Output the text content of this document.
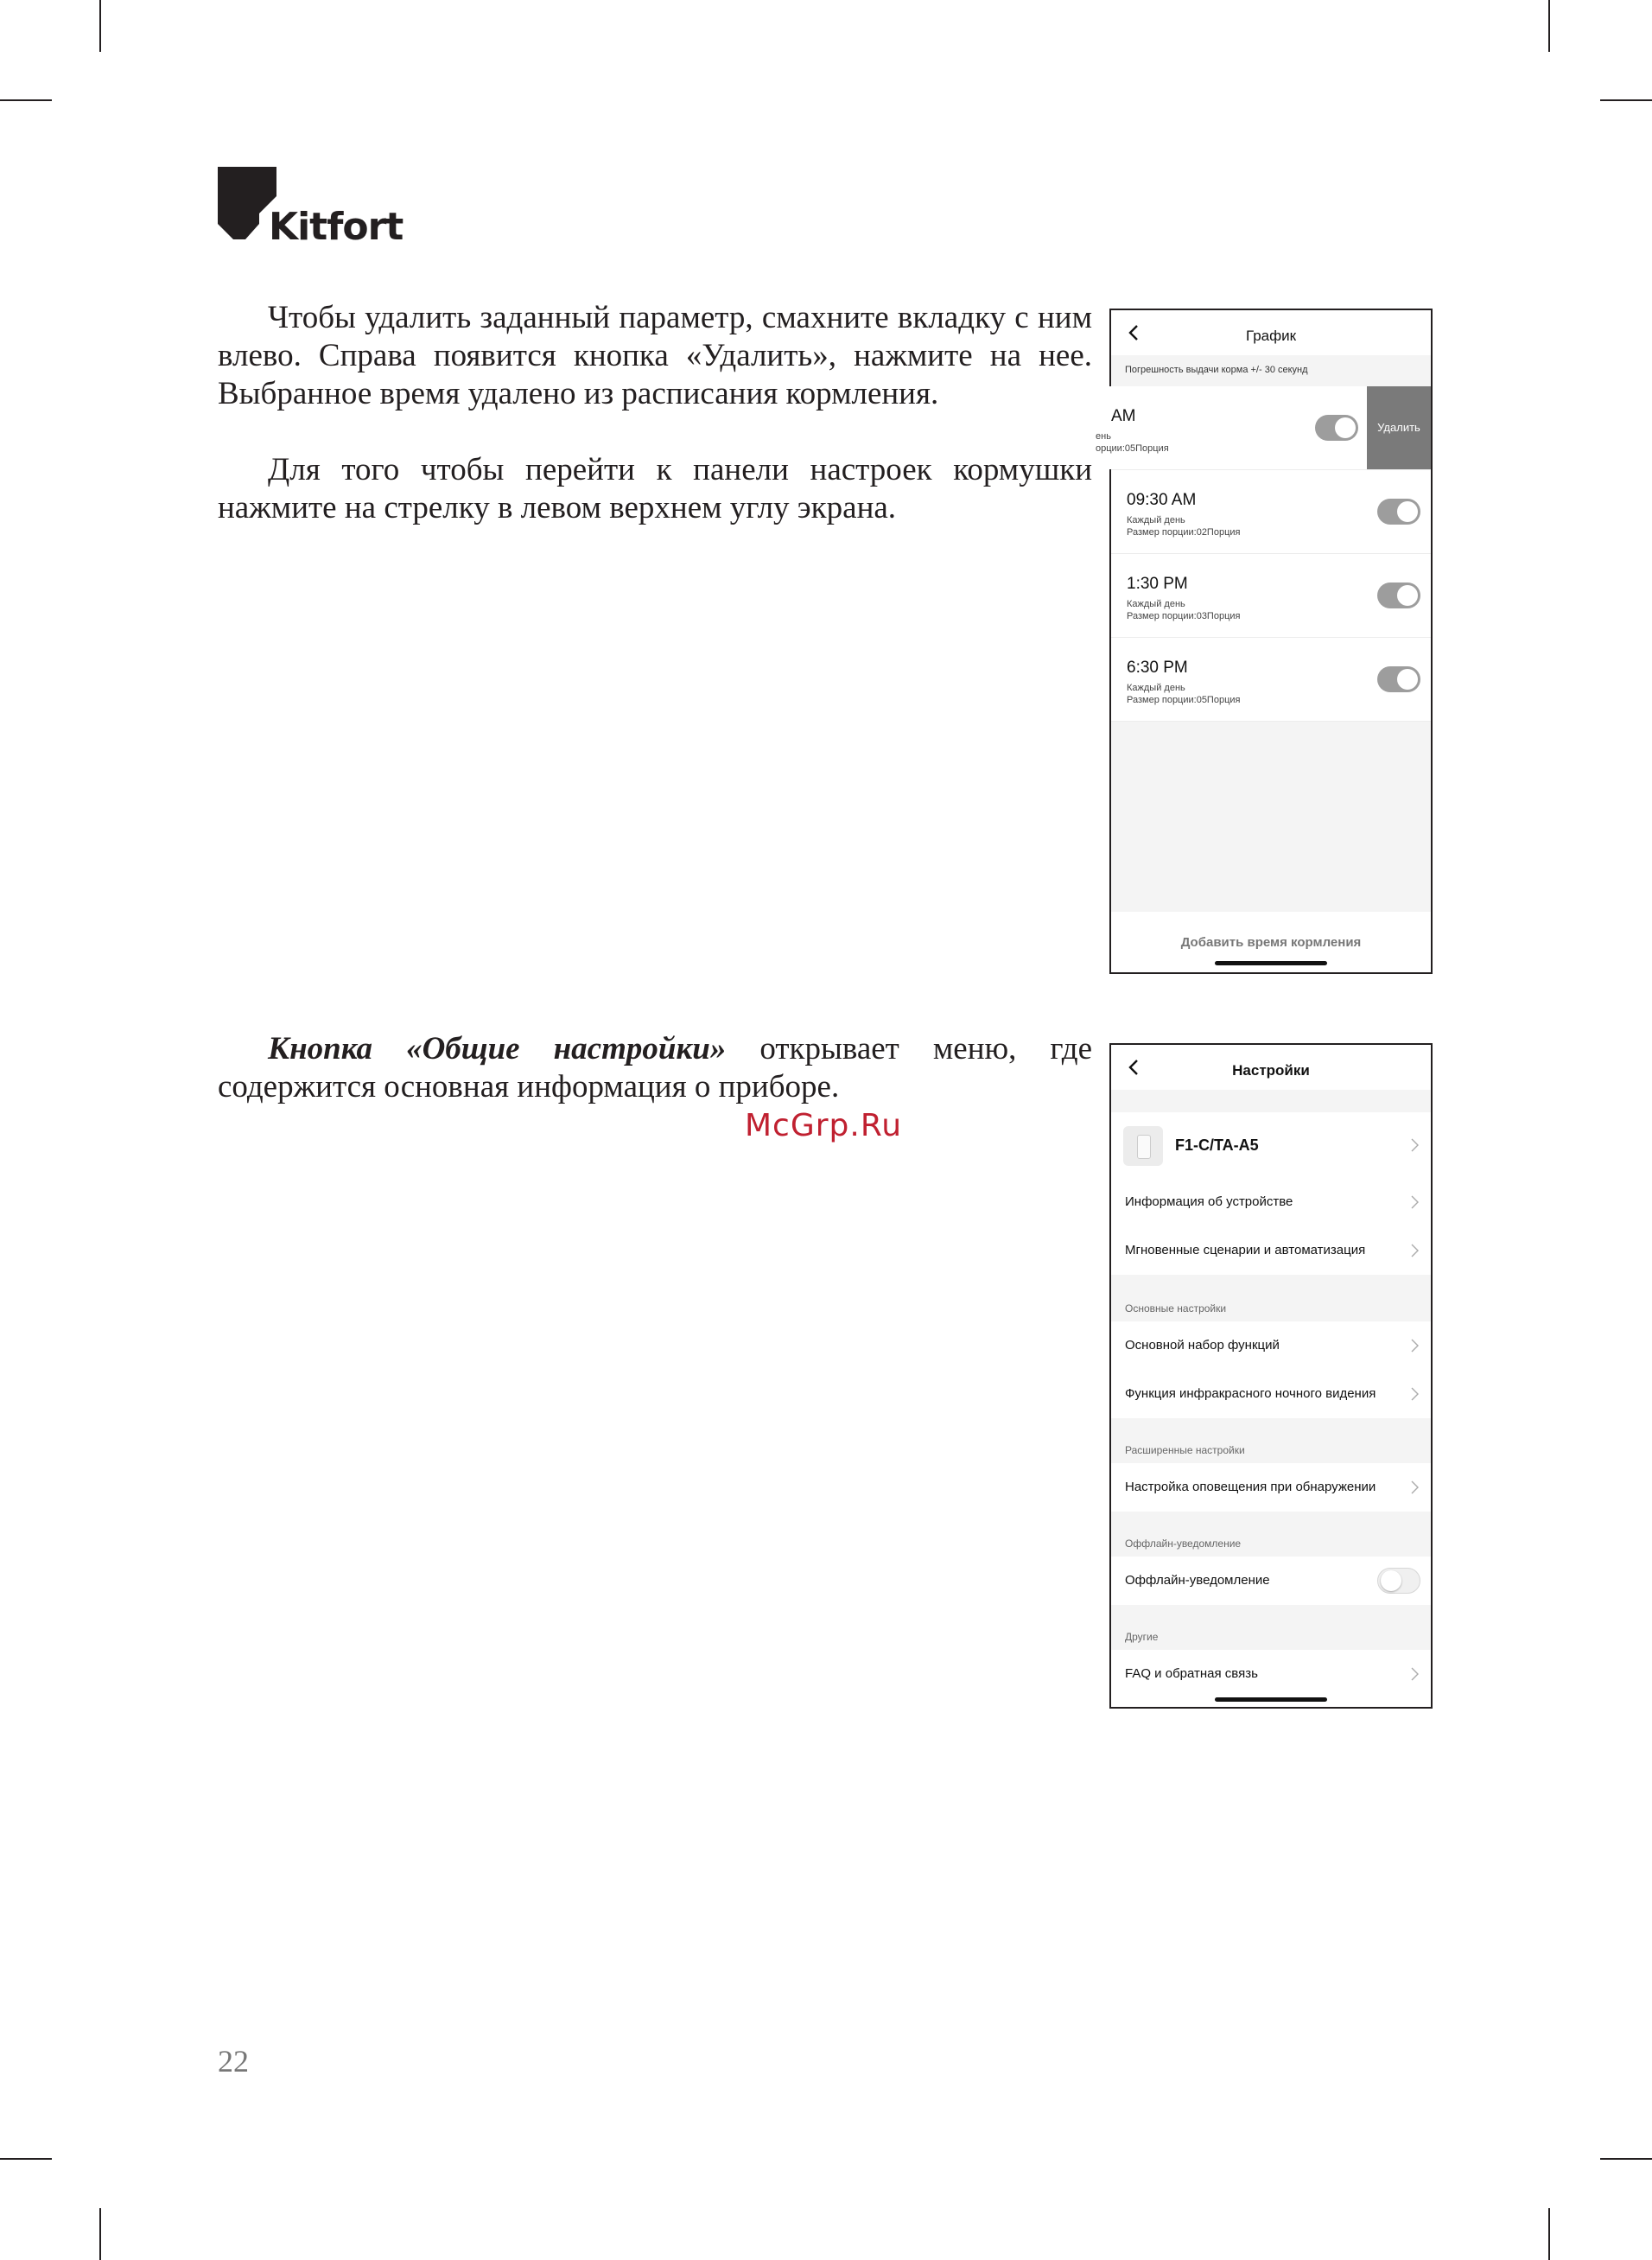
Kitfort

Чтобы удалить заданный параметр, смахните вкладку с ним влево. Справа появится кнопка «Удалить», нажмите на нее. Выбранное время удалено из расписания кормления.

Для того чтобы перейти к панели настроек кормушки нажмите на стрелку в левом верхнем углу экрана.

Кнопка «Общие настройки» открывает меню, где содержится основная информация о приборе.

McGrp.Ru
22
График
Погрешность выдачи корма +/- 30 секунд
AM
ень
орции:05Порция
Удалить
09:30 AM
Каждый день
Размер порции:02Порция
1:30 PM
Каждый день
Размер порции:03Порция
6:30 PM
Каждый день
Размер порции:05Порция
Добавить время кормления
Настройки
F1-C/TA-A5
Информация об устройстве
Мгновенные сценарии и автоматизация
Основные настройки
Основной набор функций
Функция инфракрасного ночного видения
Расширенные настройки
Настройка оповещения при обнаружении
Оффлайн-уведомление
Оффлайн-уведомление
Другие
FAQ и обратная связь
